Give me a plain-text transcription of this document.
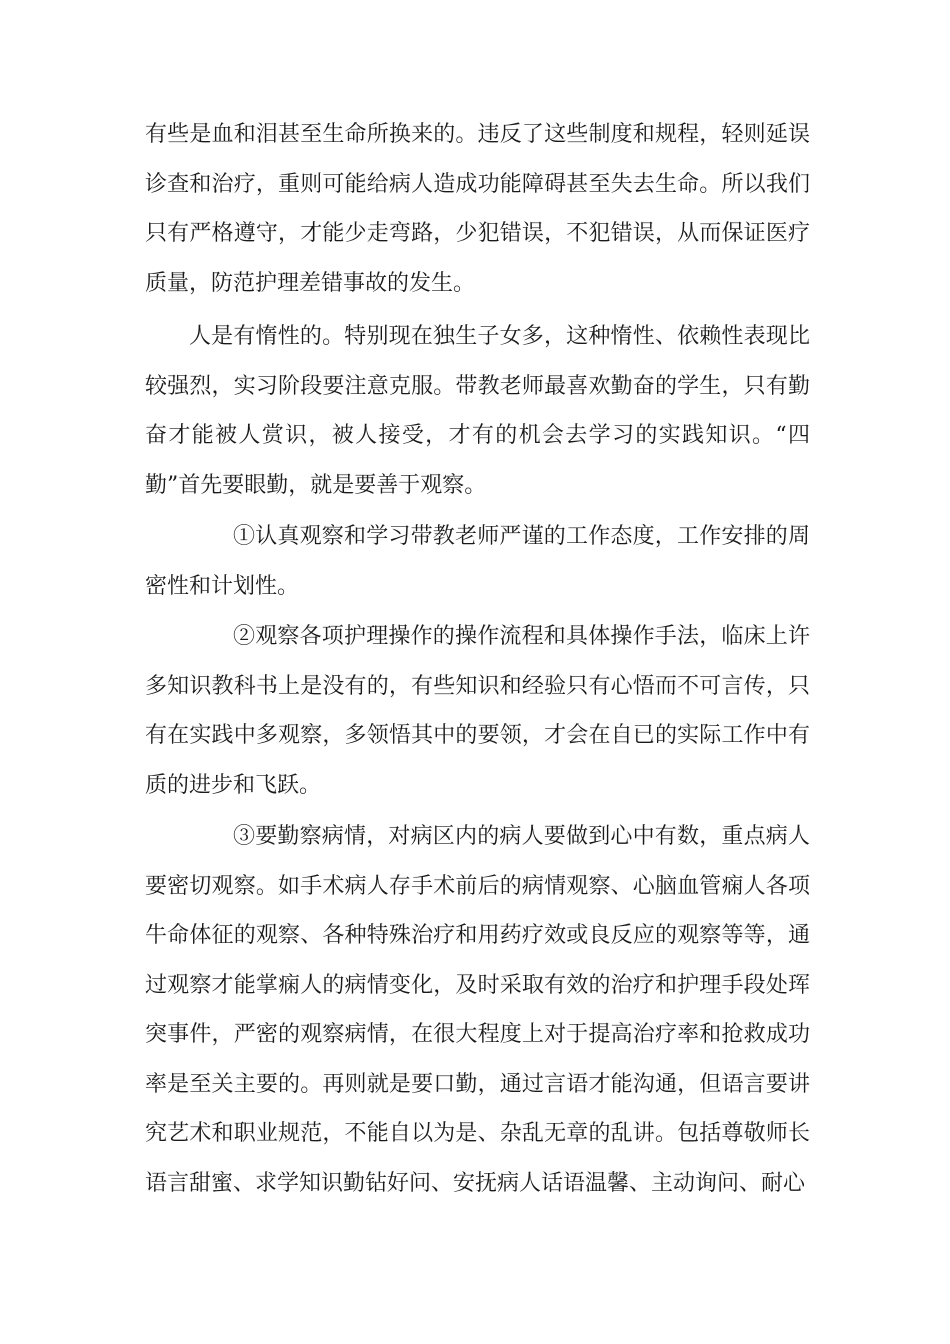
有些是血和泪甚至生命所换来的。违反了这些制度和规程，轻则延误诊查和治疗，重则可能给病人造成功能障碍甚至失去生命。所以我们只有严格遵守，才能少走弯路，少犯错误，不犯错误，从而保证医疗质量，防范护理差错事故的发生。

人是有惰性的。特别现在独生子女多，这种惰性、依赖性表现比较强烈，实习阶段要注意克服。带教老师最喜欢勤奋的学生，只有勤奋才能被人赏识，被人接受，才有的机会去学习的实践知识。“四勤”首先要眼勤，就是要善于观察。

①认真观察和学习带教老师严谨的工作态度，工作安排的周密性和计划性。

②观察各项护理操作的操作流程和具体操作手法，临床上许多知识教科书上是没有的，有些知识和经验只有心悟而不可言传，只有在实践中多观察，多领悟其中的要领，才会在自已的实际工作中有质的进步和飞跃。

③要勤察病情，对病区内的病人要做到心中有数，重点病人要密切观察。如手术病人存手术前后的病情观察、心脑血管痫人各项牛命体征的观察、各种特殊治疗和用药疗效或良反应的观察等等，通过观察才能掌痫人的病情变化，及时采取有效的治疗和护理手段处珲突事件，严密的观察病情，在很大程度上对于提高治疗率和抢救成功率是至关主要的。再则就是要口勤，通过言语才能沟通，但语言要讲究艺术和职业规范，不能自以为是、杂乱无章的乱讲。包括尊敬师长语言甜蜜、求学知识勤钻好问、安抚病人话语温馨、主动询问、耐心
